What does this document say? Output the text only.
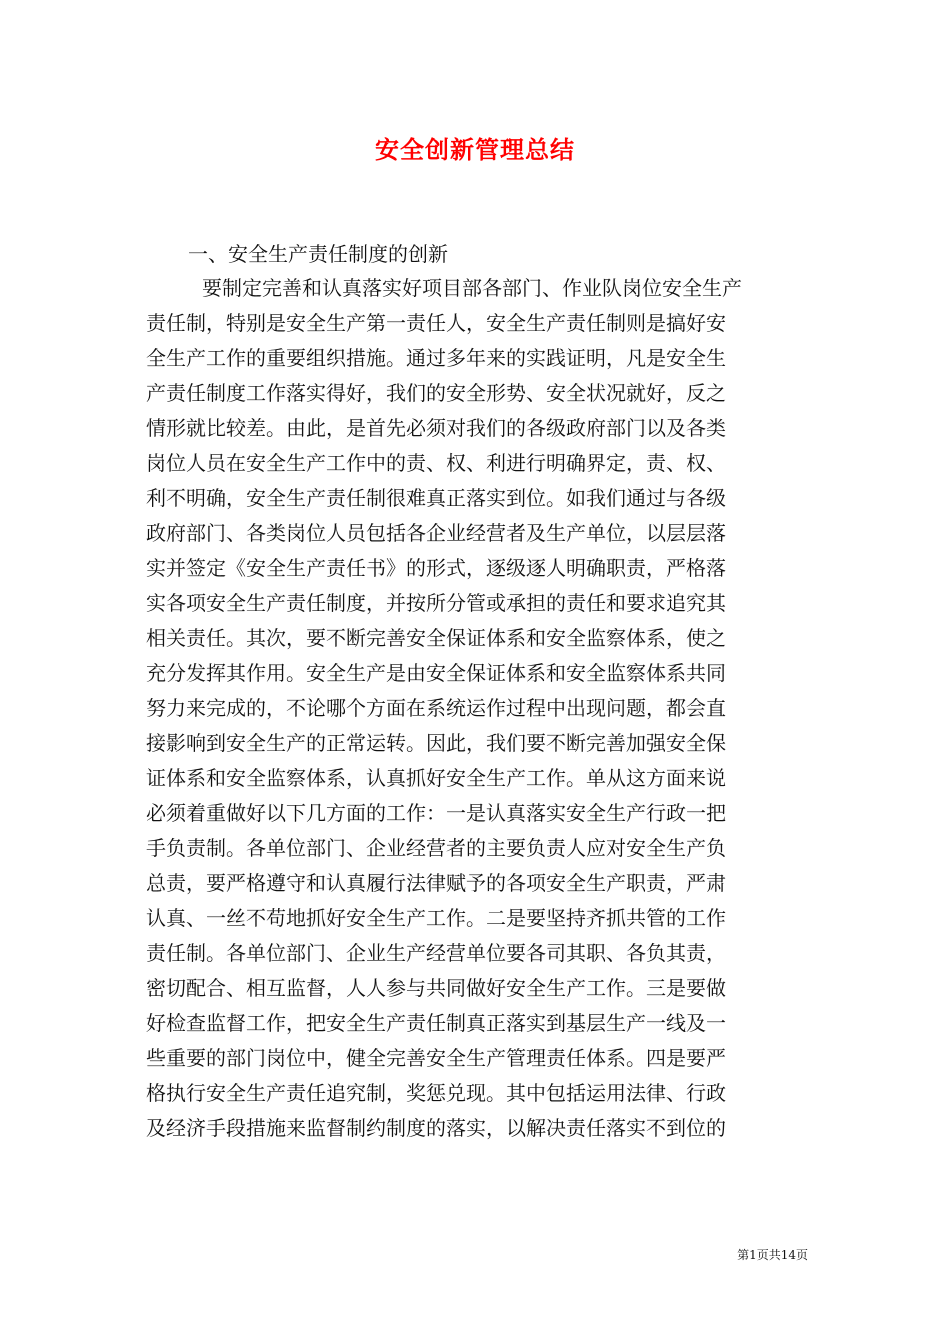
安全创新管理总结
一、安全生产责任制度的创新
要制定完善和认真落实好项目部各部门、作业队岗位安全生产
责任制，特别是安全生产第一责任人，安全生产责任制则是搞好安
全生产工作的重要组织措施。通过多年来的实践证明，凡是安全生
产责任制度工作落实得好，我们的安全形势、安全状况就好，反之
情形就比较差。由此，是首先必须对我们的各级政府部门以及各类
岗位人员在安全生产工作中的责、权、利进行明确界定，责、权、
利不明确，安全生产责任制很难真正落实到位。如我们通过与各级
政府部门、各类岗位人员包括各企业经营者及生产单位，以层层落
实并签定《安全生产责任书》的形式，逐级逐人明确职责，严格落
实各项安全生产责任制度，并按所分管或承担的责任和要求追究其
相关责任。其次，要不断完善安全保证体系和安全监察体系，使之
充分发挥其作用。安全生产是由安全保证体系和安全监察体系共同
努力来完成的，不论哪个方面在系统运作过程中出现问题，都会直
接影响到安全生产的正常运转。因此，我们要不断完善加强安全保
证体系和安全监察体系，认真抓好安全生产工作。单从这方面来说
必须着重做好以下几方面的工作：一是认真落实安全生产行政一把
手负责制。各单位部门、企业经营者的主要负责人应对安全生产负
总责，要严格遵守和认真履行法律赋予的各项安全生产职责，严肃
认真、一丝不苟地抓好安全生产工作。二是要坚持齐抓共管的工作
责任制。各单位部门、企业生产经营单位要各司其职、各负其责，
密切配合、相互监督，人人参与共同做好安全生产工作。三是要做
好检查监督工作，把安全生产责任制真正落实到基层生产一线及一
些重要的部门岗位中，健全完善安全生产管理责任体系。四是要严
格执行安全生产责任追究制，奖惩兑现。其中包括运用法律、行政
及经济手段措施来监督制约制度的落实，以解决责任落实不到位的
第1页共14页
